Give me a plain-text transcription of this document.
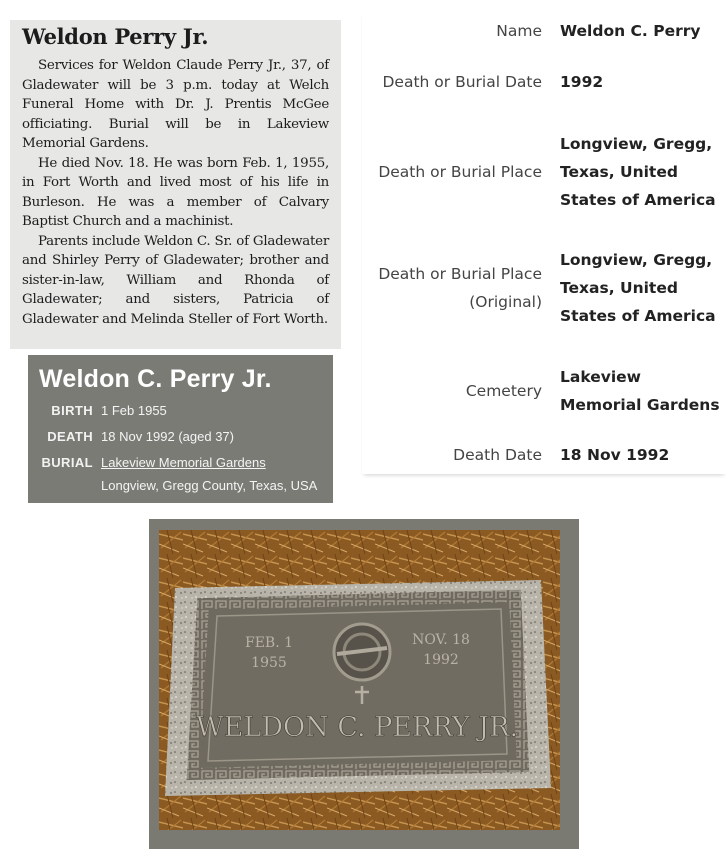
Weldon Perry Jr.

Services for Weldon Claude Perry Jr., 37, of Gladewater will be 3 p.m. today at Welch Funeral Home with Dr. J. Prentis McGee officiating. Burial will be in Lakeview Memorial Gardens.

He died Nov. 18. He was born Feb. 1, 1955, in Fort Worth and lived most of his life in Burleson. He was a member of Calvary Baptist Church and a machinist.

Parents include Weldon C. Sr. of Gladewater and Shirley Perry of Gladewater; brother and sister-in-law, William and Rhonda of Gladewater; and sisters, Patricia of Gladewater and Melinda Steller of Fort Worth.

Weldon C. Perry Jr.
BIRTH 1 Feb 1955
DEATH 18 Nov 1992 (aged 37)
BURIAL Lakeview Memorial Gardens
Longview, Gregg County, Texas, USA
Name	Weldon C. Perry
Death or Burial Date	1992
Death or Burial Place	Longview, Gregg, Texas, United States of America
Death or Burial Place (Original)	Longview, Gregg, Texas, United States of America
Cemetery	Lakeview Memorial Gardens
Death Date	18 Nov 1992
FEB. 1
1955
NOV. 18
1992
WELDON C. PERRY JR.
